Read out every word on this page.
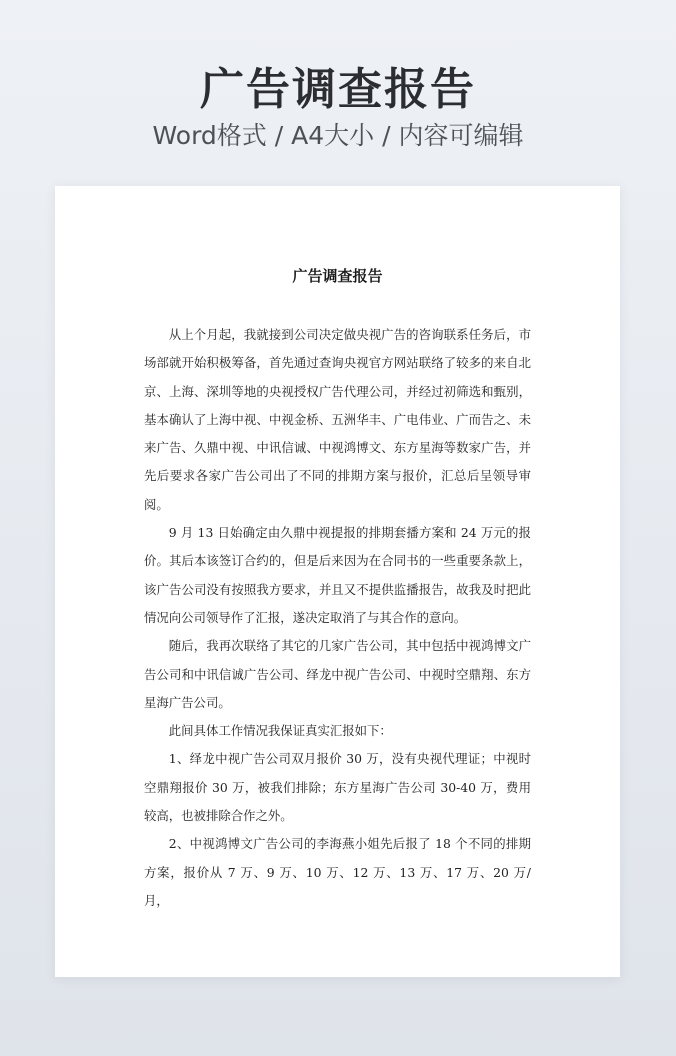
广告调查报告
Word格式 / A4大小 / 内容可编辑
广告调查报告

从上个月起，我就接到公司决定做央视广告的咨询联系任务后，市场部就开始积极筹备，首先通过查询央视官方网站联络了较多的来自北京、上海、深圳等地的央视授权广告代理公司，并经过初筛选和甄别，基本确认了上海中视、中视金桥、五洲华丰、广电伟业、广而告之、未来广告、久鼎中视、中讯信诚、中视鸿博文、东方星海等数家广告，并先后要求各家广告公司出了不同的排期方案与报价，汇总后呈领导审阅。

9 月 13 日始确定由久鼎中视提报的排期套播方案和 24 万元的报价。其后本该签订合约的，但是后来因为在合同书的一些重要条款上，该广告公司没有按照我方要求，并且又不提供监播报告，故我及时把此情况向公司领导作了汇报，遂决定取消了与其合作的意向。

随后，我再次联络了其它的几家广告公司，其中包括中视鸿博文广告公司和中讯信诚广告公司、绎龙中视广告公司、中视时空鼎翔、东方星海广告公司。

此间具体工作情况我保证真实汇报如下：

1、绎龙中视广告公司双月报价 30 万，没有央视代理证；中视时空鼎翔报价 30 万，被我们排除；东方星海广告公司 30-40 万，费用较高，也被排除合作之外。

2、中视鸿博文广告公司的李海燕小姐先后报了 18 个不同的排期方案，报价从 7 万、9 万、10 万、12 万、13 万、17 万、20 万/月，
